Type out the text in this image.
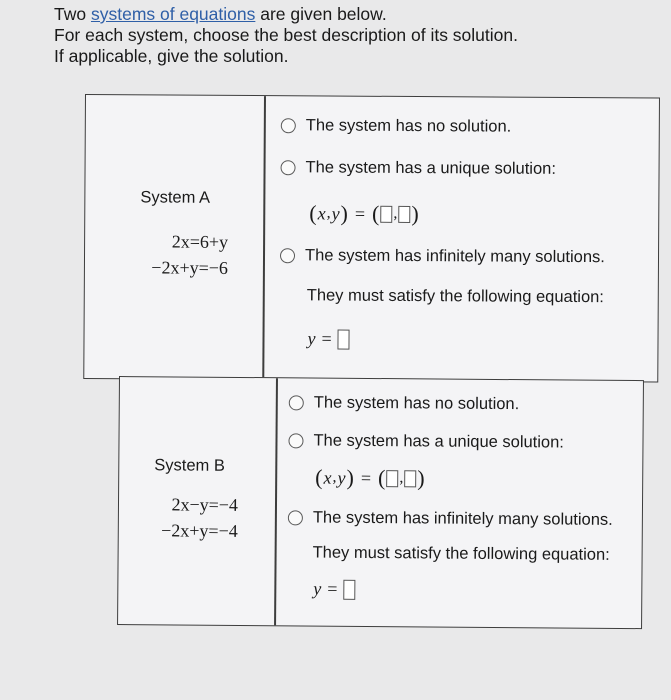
Two systems of equations are given below.
For each system, choose the best description of its solution.
If applicable, give the solution.
System A
2x=6+y
−2x+y=−6
The system has no solution.
The system has a unique solution:
( x , y ) = ( , )
The system has infinitely many solutions.
They must satisfy the following equation:
y =
System B
2x−y=−4
−2x+y=−4
The system has no solution.
The system has a unique solution:
( x , y ) = ( , )
The system has infinitely many solutions.
They must satisfy the following equation:
y =
